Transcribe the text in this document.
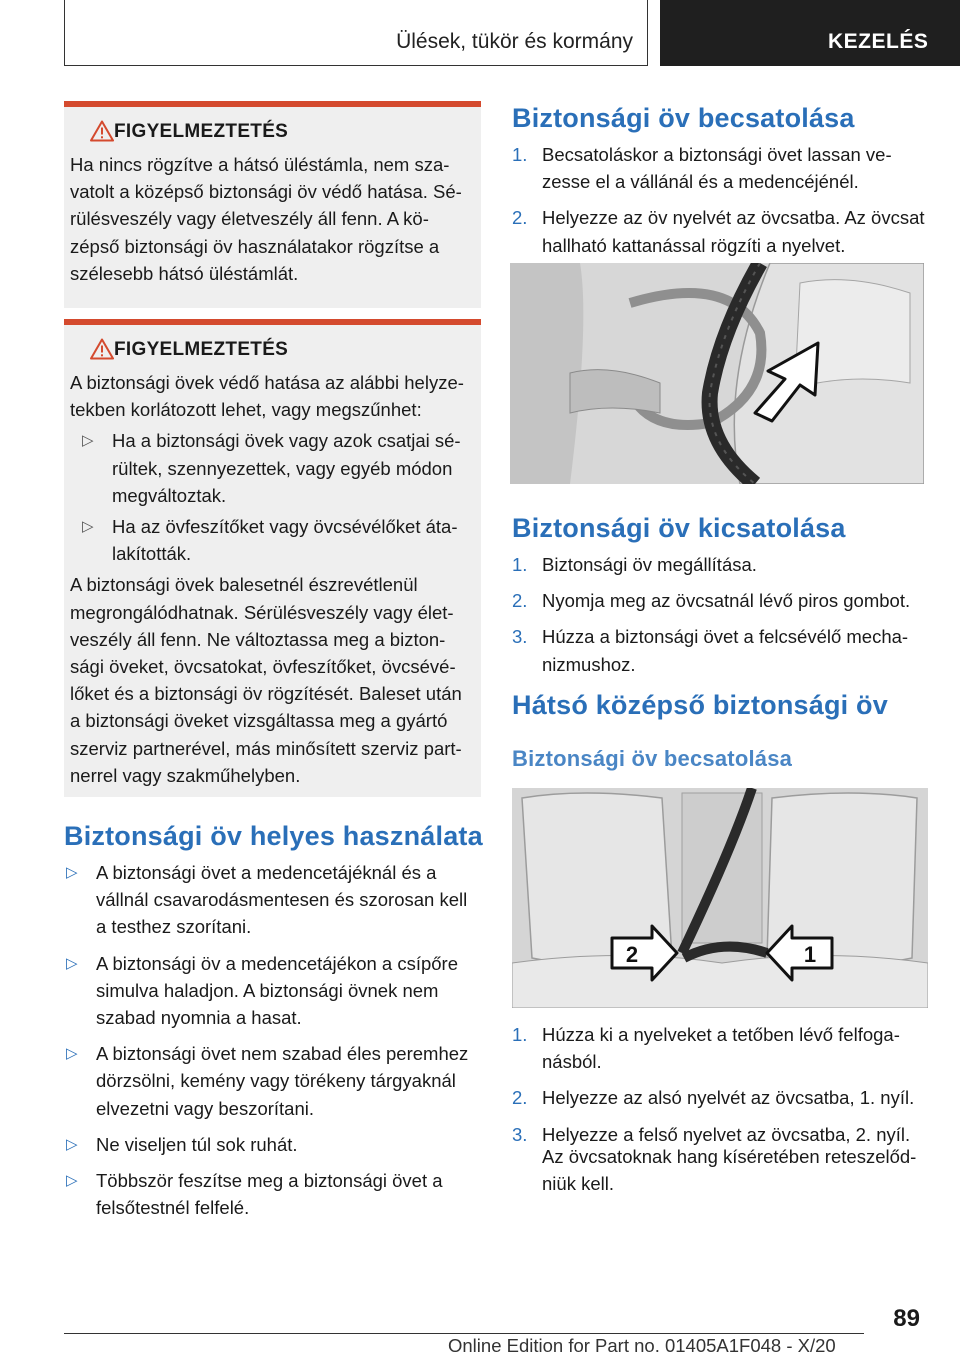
Ülések, tükör és kormány	KEZELÉS
FIGYELMEZTETÉS

Ha nincs rögzítve a hátsó üléstámla, nem sza-
vatolt a középső biztonsági öv védő hatása. Sé-
rülésveszély vagy életveszély áll fenn. A kö-
zépső biztonsági öv használatakor rögzítse a
szélesebb hátsó üléstámlát.

FIGYELMEZTETÉS

A biztonsági övek védő hatása az alábbi helyze-
tekben korlátozott lehet, vagy megszűnhet:

▷ Ha a biztonsági övek vagy azok csatjai sé-
rültek, szennyezettek, vagy egyéb módon
megváltoztak.
▷ Ha az övfeszítőket vagy övcsévélőket áta-
lakították.

A biztonsági övek balesetnél észrevétlenül
megrongálódhatnak. Sérülésveszély vagy élet-
veszély áll fenn. Ne változtassa meg a bizton-
sági öveket, övcsatokat, övfeszítőket, övcsévé-
lőket és a biztonsági öv rögzítését. Baleset után
a biztonsági öveket vizsgáltassa meg a gyártó
szerviz partnerével, más minősített szerviz part-
nerrel vagy szakműhelyben.

Biztonsági öv helyes használata
▷ A biztonsági övet a medencetájéknál és a
vállnál csavarodásmentesen és szorosan kell
a testhez szorítani.
▷ A biztonsági öv a medencetájékon a csípőre
simulva haladjon. A biztonsági övnek nem
szabad nyomnia a hasat.
▷ A biztonsági övet nem szabad éles peremhez
dörzsölni, kemény vagy törékeny tárgyaknál
elvezetni vagy beszorítani.
▷ Ne viseljen túl sok ruhát.
▷ Többször feszítse meg a biztonsági övet a
felsőtestnél felfelé.
Biztonsági öv becsatolása
1. Becsatoláskor a biztonsági övet lassan ve-
zesse el a vállánál és a medencéjénél.
2. Helyezze az öv nyelvét az övcsatba. Az övcsat
hallható kattanással rögzíti a nyelvet.
Biztonsági öv kicsatolása
1. Biztonsági öv megállítása.
2. Nyomja meg az övcsatnál lévő piros gombot.
3. Húzza a biztonsági övet a felcsévélő mecha-
nizmushoz.
Hátsó középső biztonsági öv
Biztonsági öv becsatolása
2	1
1. Húzza ki a nyelveket a tetőben lévő felfoga-
násból.
2. Helyezze az alsó nyelvét az övcsatba, 1. nyíl.
3. Helyezze a felső nyelvet az övcsatba, 2. nyíl.

Az övcsatoknak hang kíséretében reteszelőd-
niük kell.

89
Online Edition for Part no. 01405A1F048 - X/20
